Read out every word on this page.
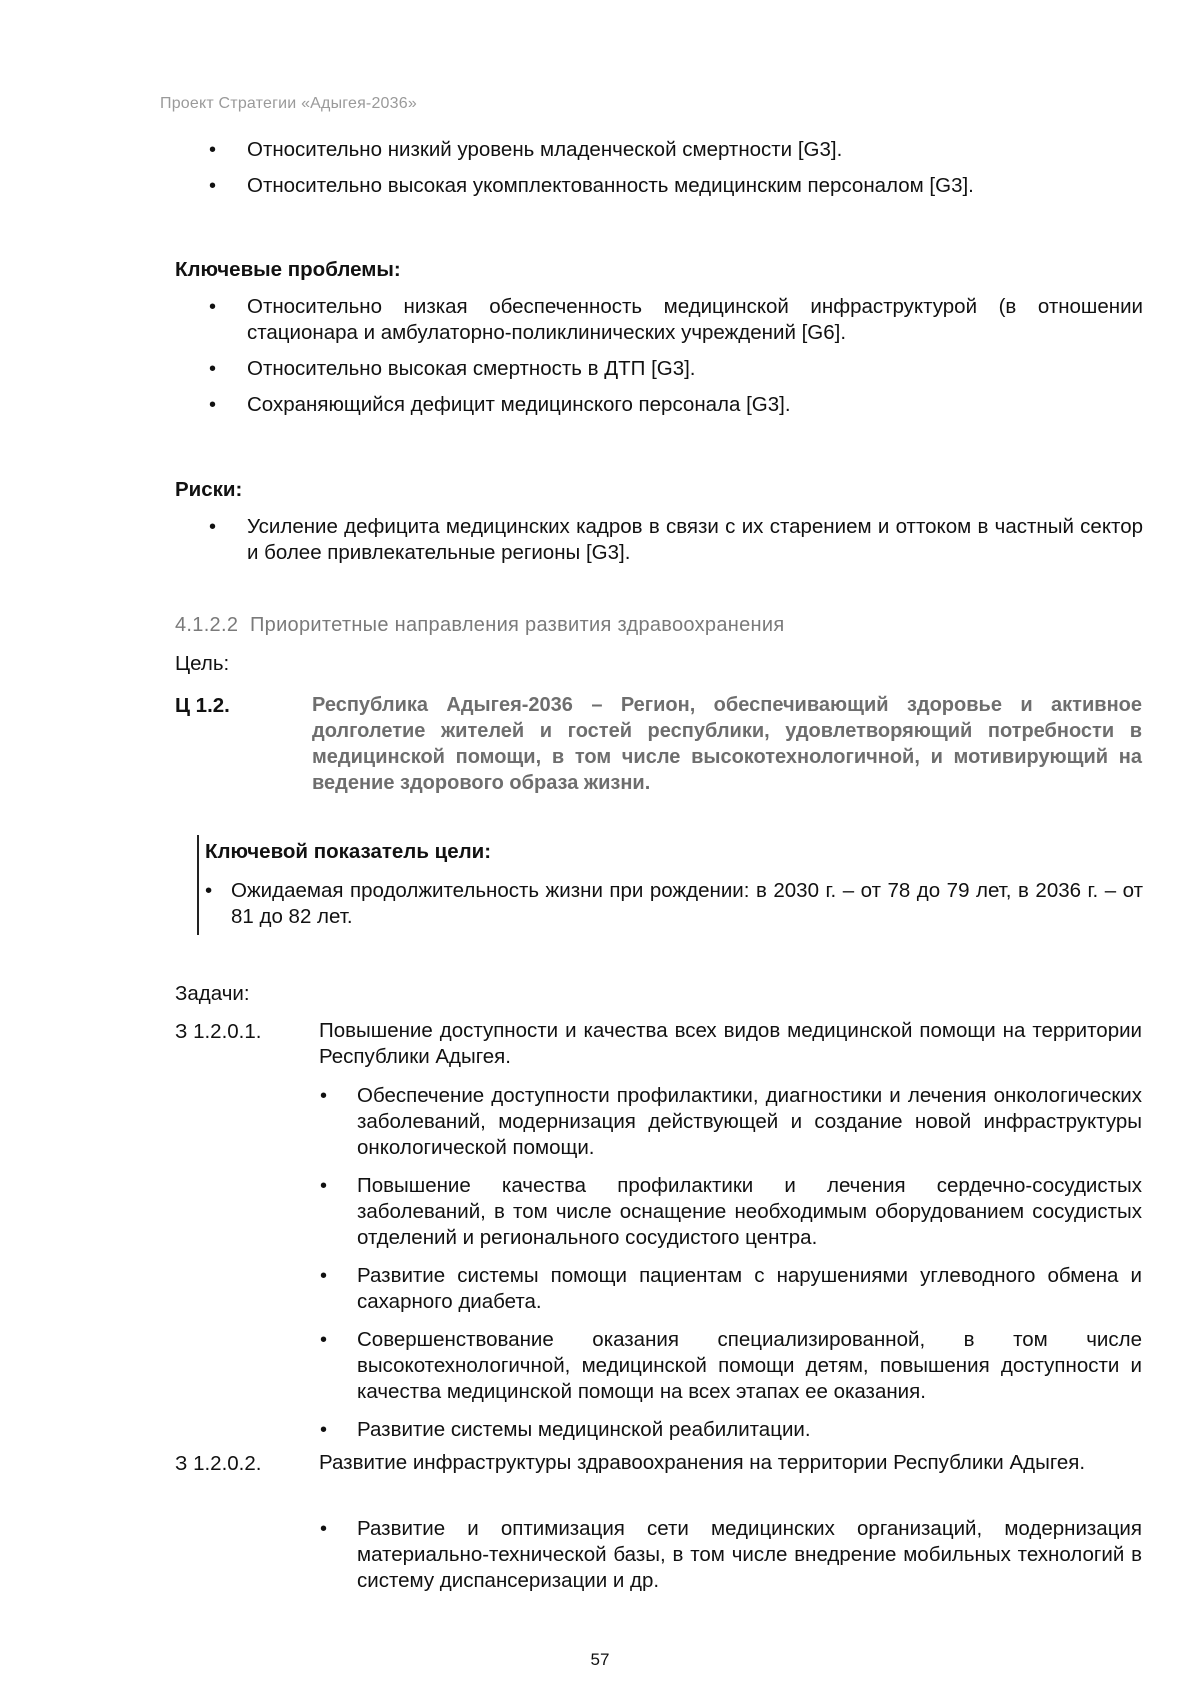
Проект Стратегии «Адыгея-2036»
• Относительно низкий уровень младенческой смертности [G3].
• Относительно высокая укомплектованность медицинским персоналом [G3].
Ключевые проблемы:
• Относительно низкая обеспеченность медицинской инфраструктурой (в отношении стационара и амбулаторно-поликлинических учреждений [G6].
• Относительно высокая смертность в ДТП [G3].
• Сохраняющийся дефицит медицинского персонала [G3].
Риски:
• Усиление дефицита медицинских кадров в связи с их старением и оттоком в частный сектор и более привлекательные регионы [G3].
4.1.2.2 Приоритетные направления развития здравоохранения
Цель:
Ц 1.2.	Республика Адыгея-2036 – Регион, обеспечивающий здоровье и активное долголетие жителей и гостей республики, удовлетворяющий потребности в медицинской помощи, в том числе высокотехнологичной, и мотивирующий на ведение здорового образа жизни.
Ключевой показатель цели:
• Ожидаемая продолжительность жизни при рождении: в 2030 г. – от 78 до 79 лет, в 2036 г. – от 81 до 82 лет.
Задачи:
З 1.2.0.1.	Повышение доступности и качества всех видов медицинской помощи на территории Республики Адыгея.
• Обеспечение доступности профилактики, диагностики и лечения онкологических заболеваний, модернизация действующей и создание новой инфраструктуры онкологической помощи.
• Повышение качества профилактики и лечения сердечно-сосудистых заболеваний, в том числе оснащение необходимым оборудованием сосудистых отделений и регионального сосудистого центра.
• Развитие системы помощи пациентам с нарушениями углеводного обмена и сахарного диабета.
• Совершенствование оказания специализированной, в том числе высокотехнологичной, медицинской помощи детям, повышения доступности и качества медицинской помощи на всех этапах ее оказания.
• Развитие системы медицинской реабилитации.
З 1.2.0.2.	Развитие инфраструктуры здравоохранения на территории Республики Адыгея.
• Развитие и оптимизация сети медицинских организаций, модернизация материально-технической базы, в том числе внедрение мобильных технологий в систему диспансеризации и др.
57
